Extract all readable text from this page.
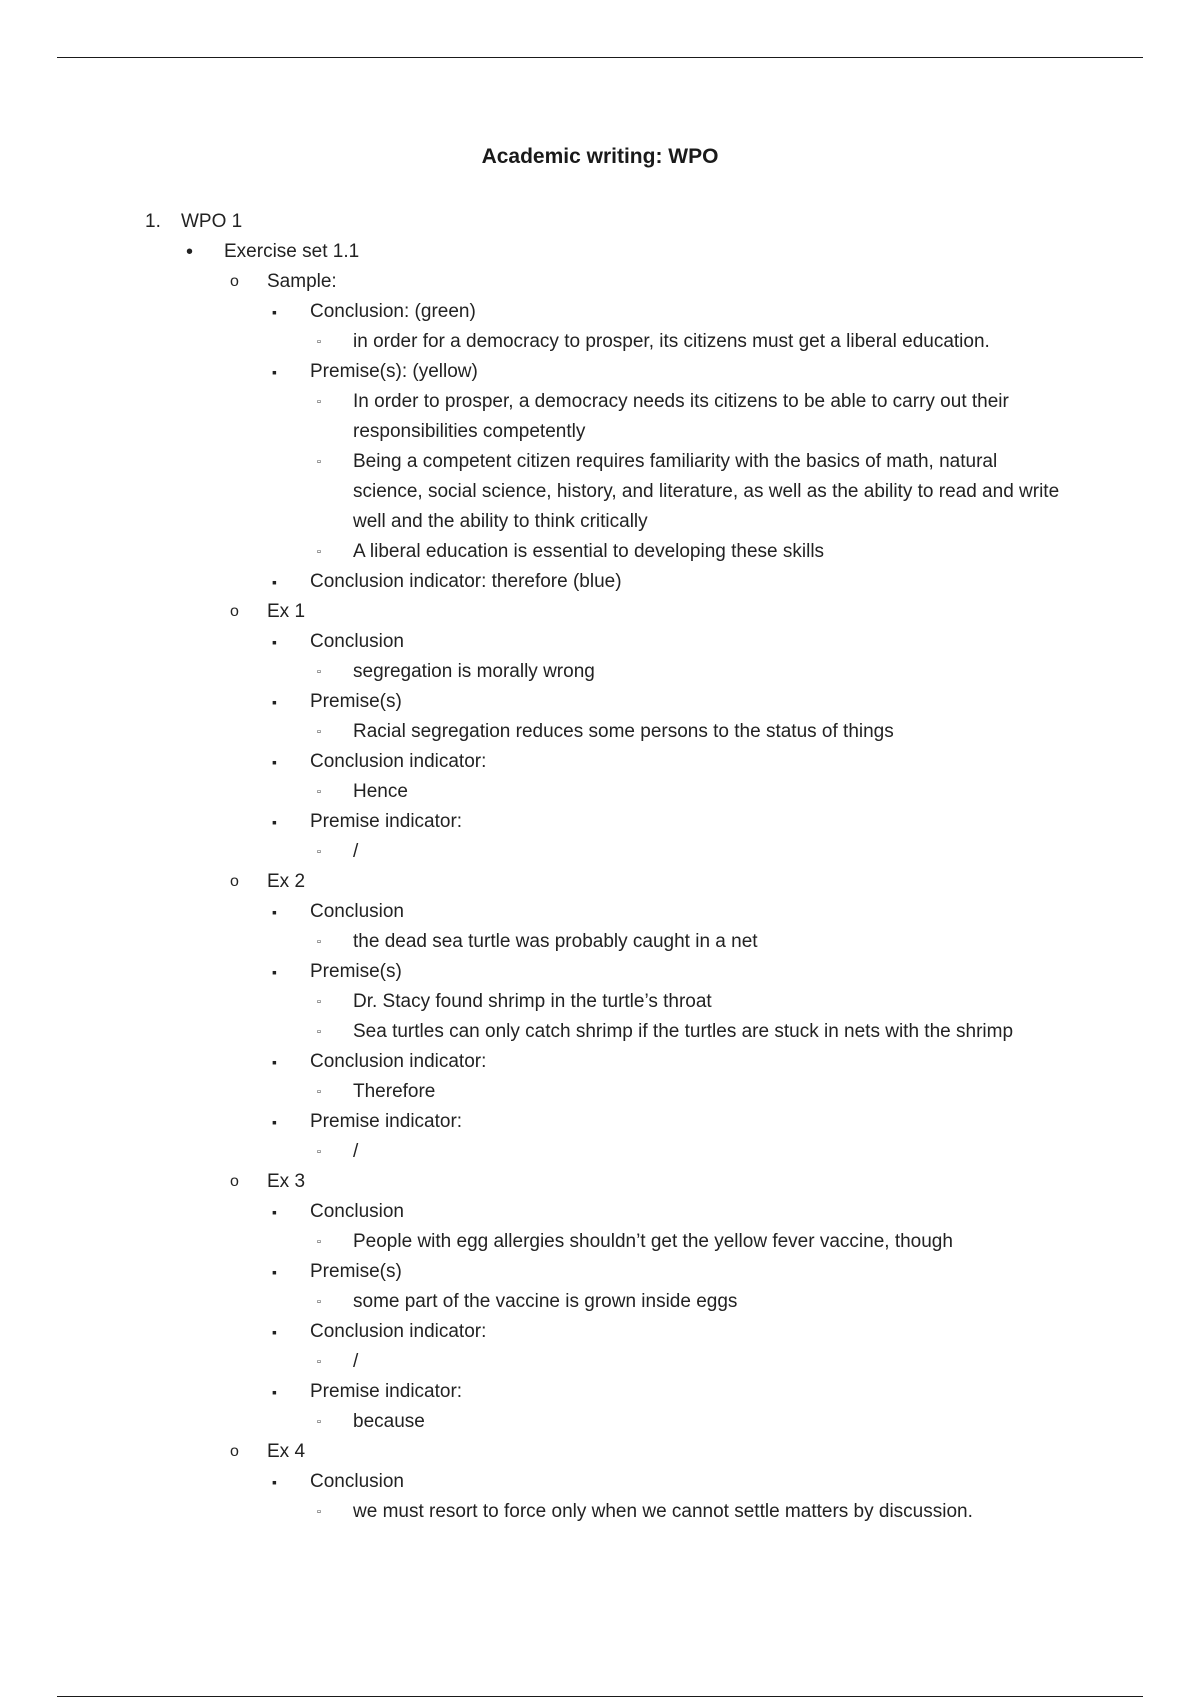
Academic writing: WPO
1. WPO 1
• Exercise set 1.1
o Sample:
▪ Conclusion: (green)
▫ in order for a democracy to prosper, its citizens must get a liberal education.
▪ Premise(s): (yellow)
▫ In order to prosper, a democracy needs its citizens to be able to carry out their responsibilities competently
▫ Being a competent citizen requires familiarity with the basics of math, natural science, social science, history, and literature, as well as the ability to read and write well and the ability to think critically
▫ A liberal education is essential to developing these skills
▪ Conclusion indicator: therefore (blue)
o Ex 1
▪ Conclusion
▫ segregation is morally wrong
▪ Premise(s)
▫ Racial segregation reduces some persons to the status of things
▪ Conclusion indicator:
▫ Hence
▪ Premise indicator:
▫ /
o Ex 2
▪ Conclusion
▫ the dead sea turtle was probably caught in a net
▪ Premise(s)
▫ Dr. Stacy found shrimp in the turtle’s throat
▫ Sea turtles can only catch shrimp if the turtles are stuck in nets with the shrimp
▪ Conclusion indicator:
▫ Therefore
▪ Premise indicator:
▫ /
o Ex 3
▪ Conclusion
▫ People with egg allergies shouldn’t get the yellow fever vaccine, though
▪ Premise(s)
▫ some part of the vaccine is grown inside eggs
▪ Conclusion indicator:
▫ /
▪ Premise indicator:
▫ because
o Ex 4
▪ Conclusion
▫ we must resort to force only when we cannot settle matters by discussion.
